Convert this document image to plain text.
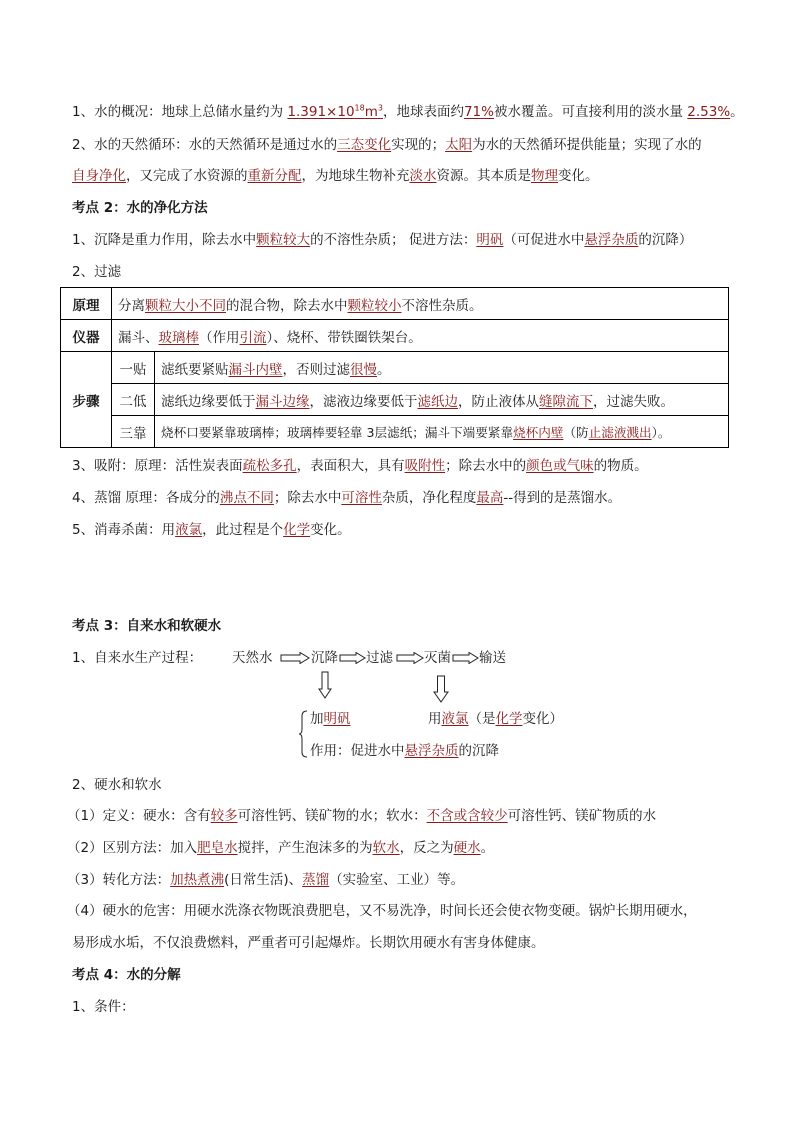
1、水的概况：地球上总储水量约为 $1.391\times 10^{18}m^3$，地球表面约71%被水覆盖。可直接利用的淡水量 2.53%。
2、水的天然循环：水的天然循环是通过水的三态变化实现的；太阳为水的天然循环提供能量；实现了水的
自身净化，又完成了水资源的重新分配，为地球生物补充淡水资源。其本质是物理变化。
考点 2：水的净化方法
1、沉降是重力作用，除去水中颗粒较大的不溶性杂质； 促进方法：明矾（可促进水中悬浮杂质的沉降）
2、过滤
原理	分离颗粒大小不同的混合物，除去水中颗粒较小不溶性杂质。	
仪器	漏斗、玻璃棒（作用引流）、烧杯、带铁圈铁架台。	
步骤	一贴	滤纸要紧贴漏斗内壁，否则过滤很慢。
	二低	滤纸边缘要低于漏斗边缘，滤液边缘要低于滤纸边，防止液体从缝隙流下，过滤失败。
	三靠	烧杯口要紧靠玻璃棒；玻璃棒要轻靠 3层滤纸；漏斗下端要紧靠烧杯内壁（防止滤液溅出）。
3、吸附：原理：活性炭表面疏松多孔，表面积大，具有吸附性；除去水中的颜色或气味的物质。
4、蒸馏 原理：各成分的沸点不同；除去水中可溶性杂质，净化程度最高--得到的是蒸馏水。
5、消毒杀菌：用液氯，此过程是个化学变化。
考点 3：自来水和软硬水
1、自来水生产过程： 天然水	沉降 过滤 灭菌 输送
加明矾	用液氯（是化学变化）
作用：促进水中悬浮杂质的沉降
2、硬水和软水
（1）定义：硬水：含有较多可溶性钙、镁矿物的水；软水：不含或含较少可溶性钙、镁矿物质的水
（2）区别方法：加入肥皂水搅拌，产生泡沫多的为软水，反之为硬水。
（3）转化方法：加热煮沸(日常生活)、蒸馏（实验室、工业）等。
（4）硬水的危害：用硬水洗涤衣物既浪费肥皂，又不易洗净，时间长还会使衣物变硬。锅炉长期用硬水，
易形成水垢，不仅浪费燃料，严重者可引起爆炸。长期饮用硬水有害身体健康。
考点 4：水的分解
1、条件：
